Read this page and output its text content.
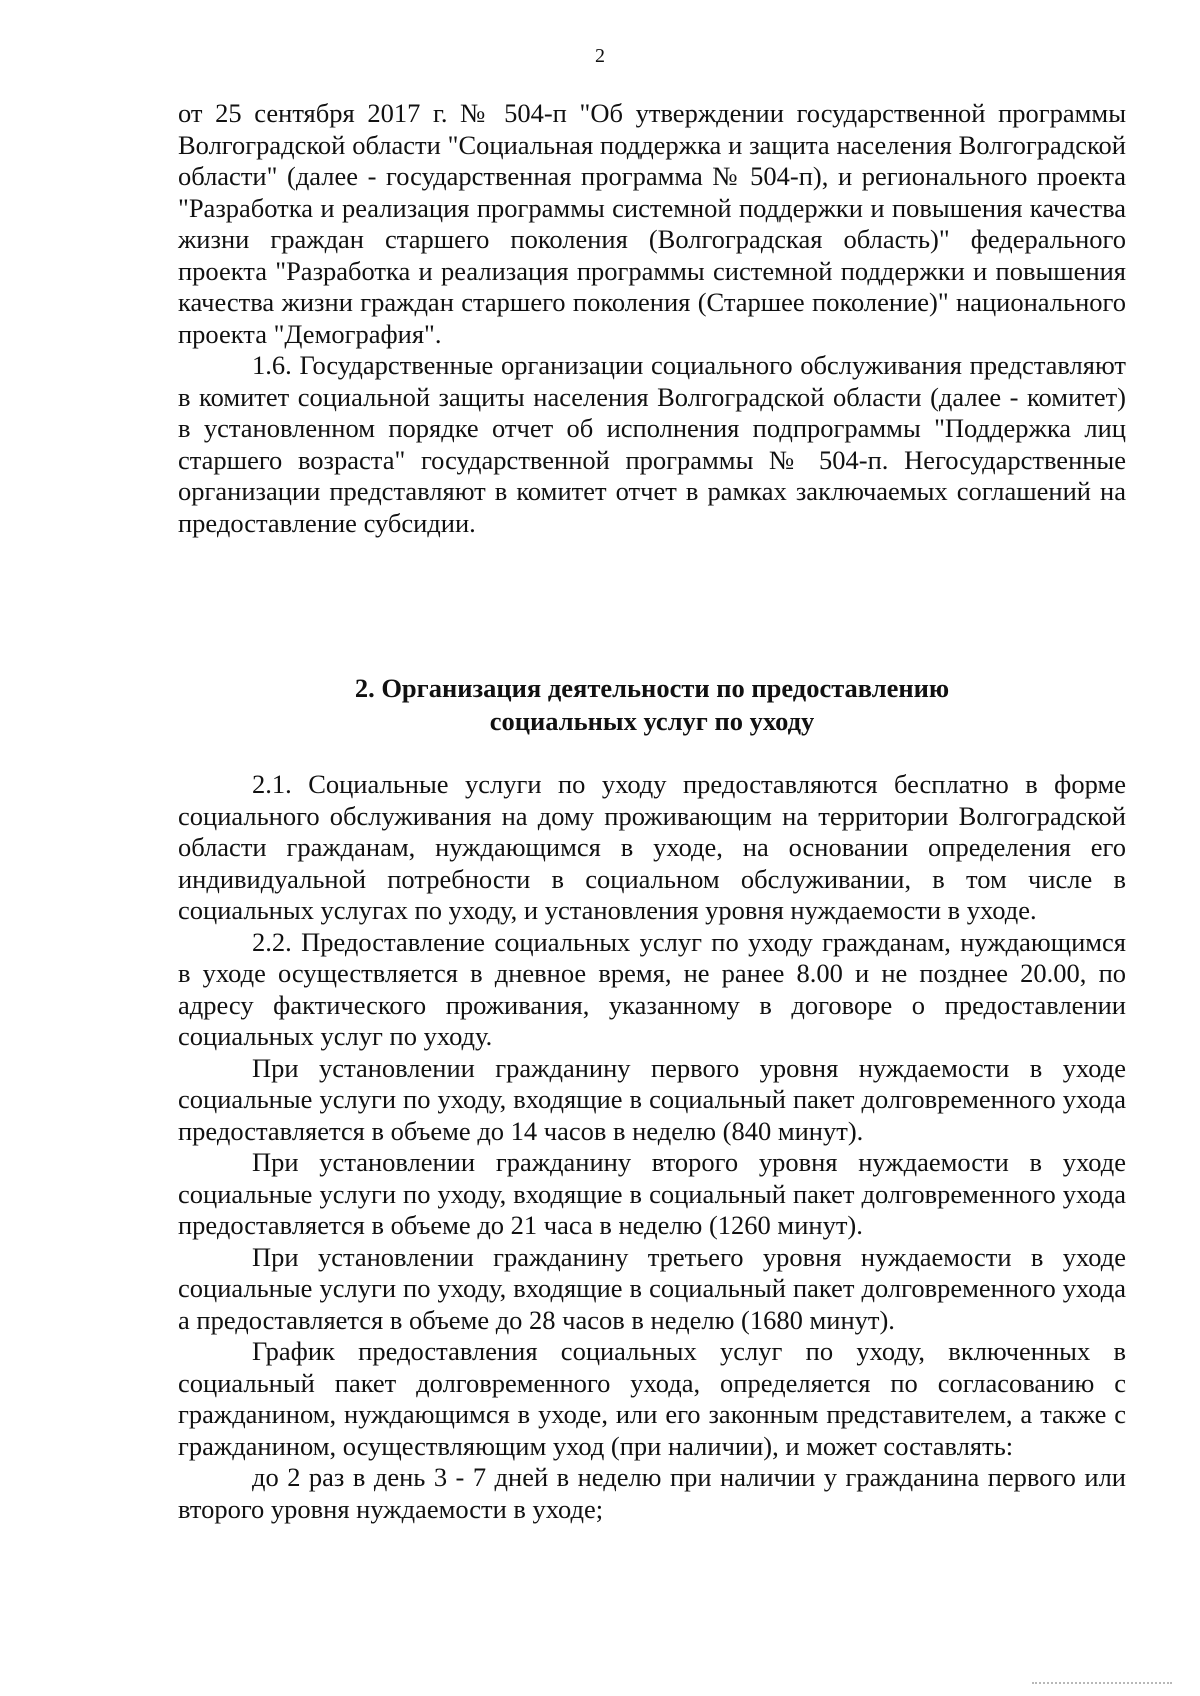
2

от 25 сентября 2017 г. № 504-п "Об утверждении государственной программы Волгоградской области "Социальная поддержка и защита населения Волгоградской области" (далее - государственная программа № 504-п), и регионального проекта "Разработка и реализация программы системной поддержки и повышения качества жизни граждан старшего поколения (Волгоградская область)" федерального проекта "Разработка и реализация программы системной поддержки и повышения качества жизни граждан старшего поколения (Старшее поколение)" национального проекта "Демография".

1.6. Государственные организации социального обслуживания представляют в комитет социальной защиты населения Волгоградской области (далее - комитет) в установленном порядке отчет об исполнения подпрограммы "Поддержка лиц старшего возраста" государственной программы № 504-п. Негосударственные организации представляют в комитет отчет в рамках заключаемых соглашений на предоставление субсидии.

2. Организация деятельности по предоставлению
социальных услуг по уходу

2.1. Социальные услуги по уходу предоставляются бесплатно в форме социального обслуживания на дому проживающим на территории Волгоградской области гражданам, нуждающимся в уходе, на основании определения его индивидуальной потребности в социальном обслуживании, в том числе в социальных услугах по уходу, и установления уровня нуждаемости в уходе.

2.2. Предоставление социальных услуг по уходу гражданам, нуждающимся в уходе осуществляется в дневное время, не ранее 8.00 и не позднее 20.00, по адресу фактического проживания, указанному в договоре о предоставлении социальных услуг по уходу.

При установлении гражданину первого уровня нуждаемости в уходе социальные услуги по уходу, входящие в социальный пакет долговременного ухода предоставляется в объеме до 14 часов в неделю (840 минут).

При установлении гражданину второго уровня нуждаемости в уходе социальные услуги по уходу, входящие в социальный пакет долговременного ухода предоставляется в объеме до 21 часа в неделю (1260 минут).

При установлении гражданину третьего уровня нуждаемости в уходе социальные услуги по уходу, входящие в социальный пакет долговременного ухода а предоставляется в объеме до 28 часов в неделю (1680 минут).

График предоставления социальных услуг по уходу, включенных в социальный пакет долговременного ухода, определяется по согласованию с гражданином, нуждающимся в уходе, или его законным представителем, а также с гражданином, осуществляющим уход (при наличии), и может составлять:

до 2 раз в день 3 - 7 дней в неделю при наличии у гражданина первого или второго уровня нуждаемости в уходе;
